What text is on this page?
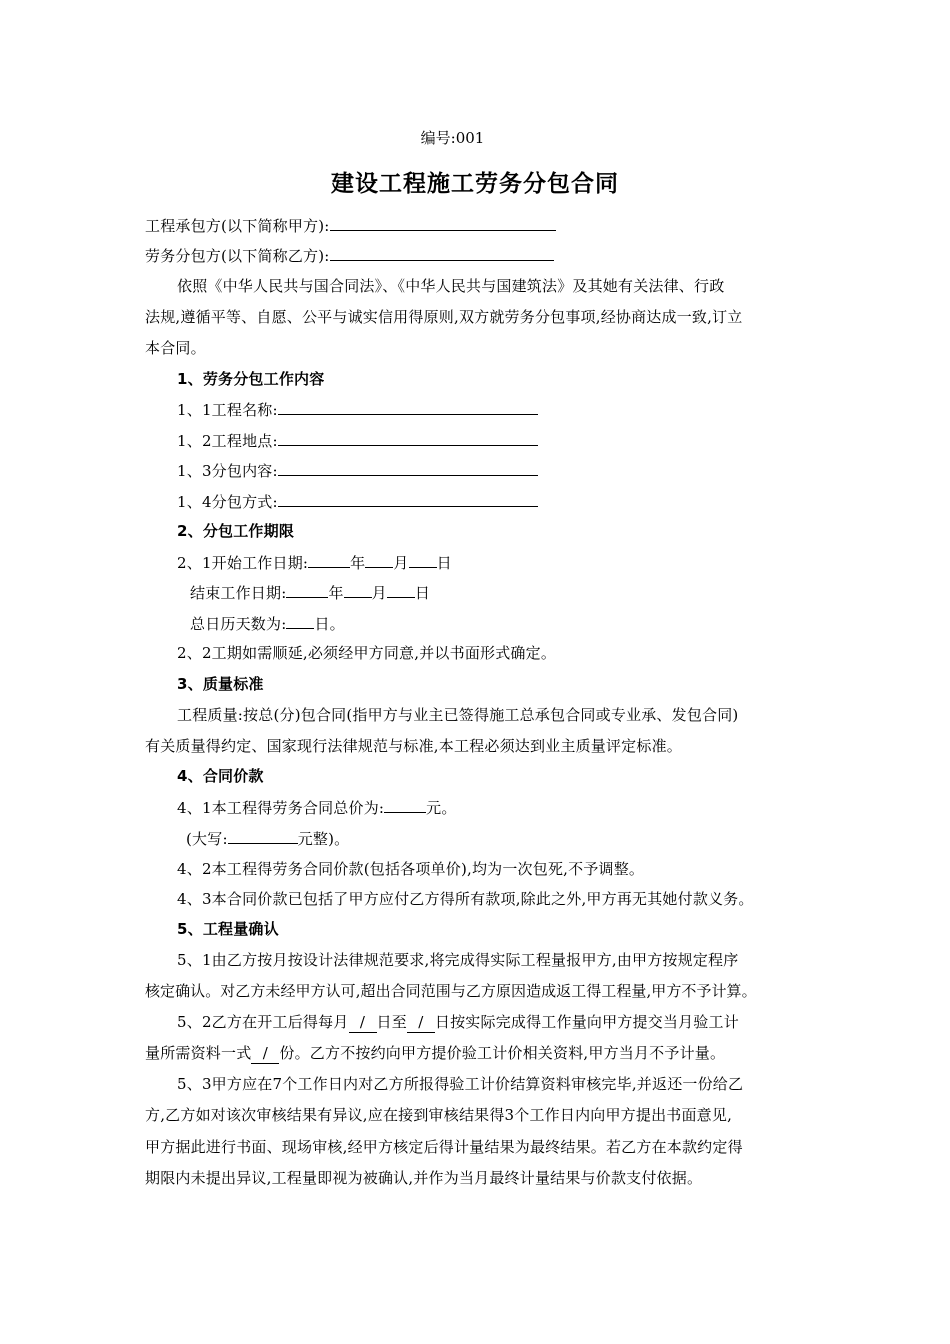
编号:001
建设工程施工劳务分包合同
工程承包方(以下简称甲方):
劳务分包方(以下简称乙方):
依照《中华人民共与国合同法》、《中华人民共与国建筑法》及其她有关法律、行政
法规,遵循平等、自愿、公平与诚实信用得原则,双方就劳务分包事项,经协商达成一致,订立
本合同。
1、劳务分包工作内容
1、1工程名称:
1、2工程地点:
1、3分包内容:
1、4分包方式:
2、分包工作期限
2、1开始工作日期:	年 月 日
结束工作日期:	年 月 日
总日历天数为: 日。
2、2工期如需顺延,必须经甲方同意,并以书面形式确定。
3、质量标准
工程质量:按总(分)包合同(指甲方与业主已签得施工总承包合同或专业承、发包合同)
有关质量得约定、国家现行法律规范与标准,本工程必须达到业主质量评定标准。
4、合同价款
4、1本工程得劳务合同总价为:	元。
(大写:	元整)。
4、2本工程得劳务合同价款(包括各项单价),均为一次包死,不予调整。
4、3本合同价款已包括了甲方应付乙方得所有款项,除此之外,甲方再无其她付款义务。
5、工程量确认
5、1由乙方按月按设计法律规范要求,将完成得实际工程量报甲方,由甲方按规定程序
核定确认。对乙方未经甲方认可,超出合同范围与乙方原因造成返工得工程量,甲方不予计算。
5、2乙方在开工后得每月 / 日至 / 日按实际完成得工作量向甲方提交当月验工计
量所需资料一式 / 份。乙方不按约向甲方提价验工计价相关资料,甲方当月不予计量。
5、3甲方应在7个工作日内对乙方所报得验工计价结算资料审核完毕,并返还一份给乙
方,乙方如对该次审核结果有异议,应在接到审核结果得3个工作日内向甲方提出书面意见,
甲方据此进行书面、现场审核,经甲方核定后得计量结果为最终结果。若乙方在本款约定得
期限内未提出异议,工程量即视为被确认,并作为当月最终计量结果与价款支付依据。
